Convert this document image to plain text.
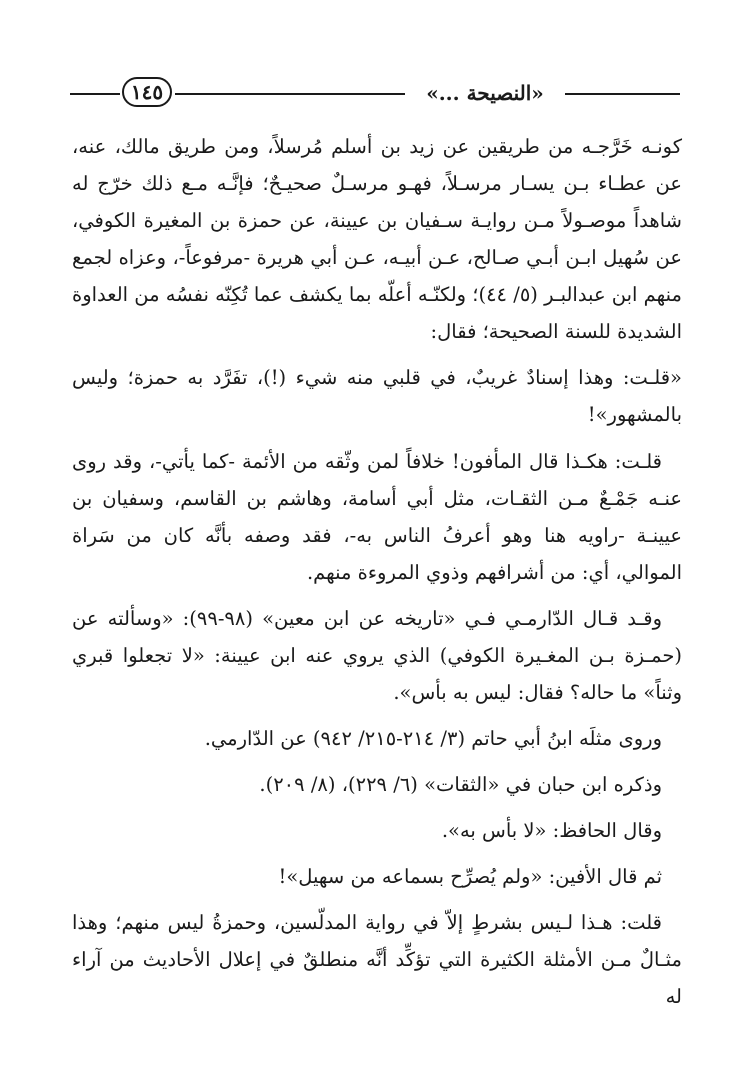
١٤٥	«النصيحة ...»

كونـه خَرَّجـه من طريقين عن زيد بن أسلم مُرسلاً، ومن طريق مالك، عنه، عن عطـاء بـن يسـار مرسـلاً، فهـو مرسـلٌ صحيـحٌ؛ فإنَّـه مـع ذلك خرّج له شاهداً موصـولاً مـن روايـة سـفيان بن عيينة، عن حمزة بن المغيرة الكوفي، عن سُهيل ابـن أبـي صـالح، عـن أبيـه، عـن أبي هريرة -مرفوعاً-، وعزاه لجمع منهم ابن عبدالبـر (٥/ ٤٤)؛ ولكنّـه أعلّه بما يكشف عما تُكِنّه نفسُه من العداوة الشديدة للسنة الصحيحة؛ فقال:

«قلـت: وهذا إسنادٌ غريبٌ، في قلبي منه شيء (!)، تفَرَّد به حمزة؛ وليس بالمشهور»!

قلـت: هكـذا قال المأفون! خلافاً لمن وثّقه من الأئمة -كما يأتي-، وقد روى عنـه جَمْـعٌ مـن الثقـات، مثل أبي أسامة، وهاشم بن القاسم، وسفيان بن عيينـة -راويه هنا وهو أعرفُ الناس به-، فقد وصفه بأنَّه كان من سَراة الموالي، أي: من أشرافهم وذوي المروءة منهم.

وقـد قـال الدّارمـي فـي «تاريخه عن ابن معين» (٩٨-٩٩): «وسألته عن (حمـزة بـن المغـيرة الكوفي) الذي يروي عنه ابن عيينة: «لا تجعلوا قبري وثناً» ما حاله؟ فقال: ليس به بأس».

وروى مثلَه ابنُ أبي حاتم (٣/ ٢١٤-٢١٥/ ٩٤٢) عن الدّارمي.

وذكره ابن حبان في «الثقات» (٦/ ٢٢٩)، (٨/ ٢٠٩).

وقال الحافظ: «لا بأس به».

ثم قال الأفين: «ولم يُصرِّح بسماعه من سهيل»!

قلت: هـذا لـيس بشرطٍ إلاّ في رواية المدلّسين، وحمزةُ ليس منهم؛ وهذا مثـالٌ مـن الأمثلة الكثيرة التي تؤكِّد أنَّه منطلقٌ في إعلال الأحاديث من آراء له
